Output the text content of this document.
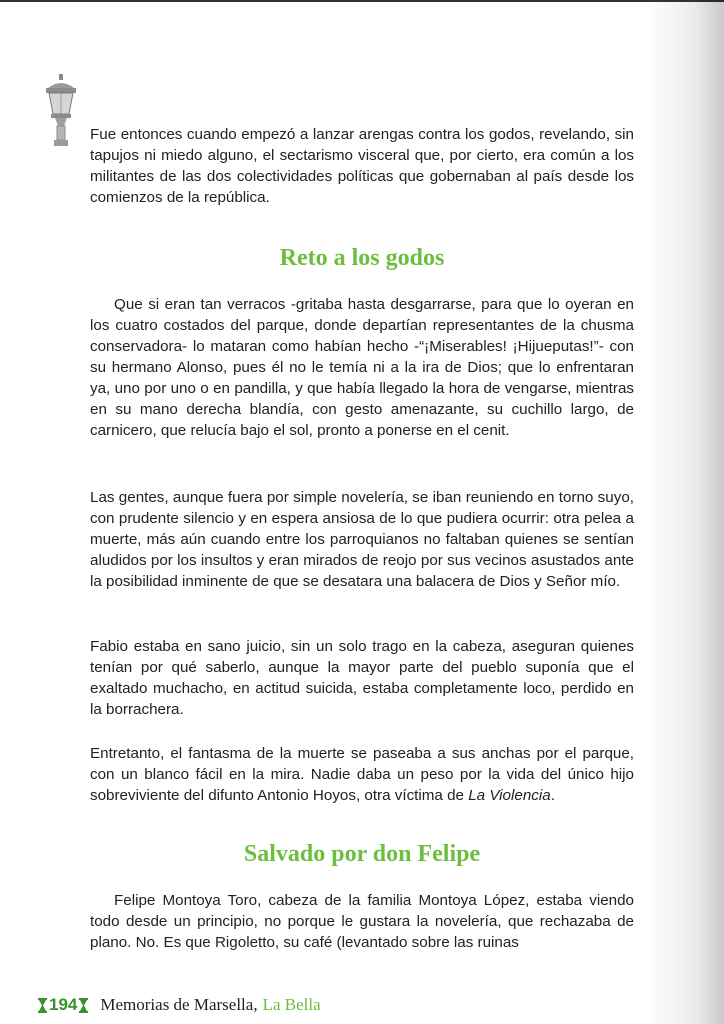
Fue entonces cuando empezó a lanzar arengas contra los godos, revelando, sin tapujos ni miedo alguno, el sectarismo visceral que, por cierto, era común a los militantes de las dos colectividades políticas que gobernaban al país desde los comienzos de la república.

Reto a los godos

Que si eran tan verracos -gritaba hasta desgarrarse, para que lo oyeran en los cuatro costados del parque, donde departían representantes de la chusma conservadora- lo mataran como habían hecho -“¡Miserables! ¡Hijueputas!”- con su hermano Alonso, pues él no le temía ni a la ira de Dios; que lo enfrentaran ya, uno por uno o en pandilla, y que había llegado la hora de vengarse, mientras en su mano derecha blandía, con gesto amenazante, su cuchillo largo, de carnicero, que relucía bajo el sol, pronto a ponerse en el cenit.

Las gentes, aunque fuera por simple novelería, se iban reuniendo en torno suyo, con prudente silencio y en espera ansiosa de lo que pudiera ocurrir: otra pelea a muerte, más aún cuando entre los parroquianos no faltaban quienes se sentían aludidos por los insultos y eran mirados de reojo por sus vecinos asustados ante la posibilidad inminente de que se desatara una balacera de Dios y Señor mío.

Fabio estaba en sano juicio, sin un solo trago en la cabeza, aseguran quienes tenían por qué saberlo, aunque la mayor parte del pueblo suponía que el exaltado muchacho, en actitud suicida, estaba completamente loco, perdido en la borrachera.

Entretanto, el fantasma de la muerte se paseaba a sus anchas por el parque, con un blanco fácil en la mira. Nadie daba un peso por la vida del único hijo sobreviviente del difunto Antonio Hoyos, otra víctima de La Violencia.

Salvado por don Felipe

Felipe Montoya Toro, cabeza de la familia Montoya López, estaba viendo todo desde un principio, no porque le gustara la novelería, que rechazaba de plano. No. Es que Rigoletto, su café (levantado sobre las ruinas

194 Memorias de Marsella, La Bella
